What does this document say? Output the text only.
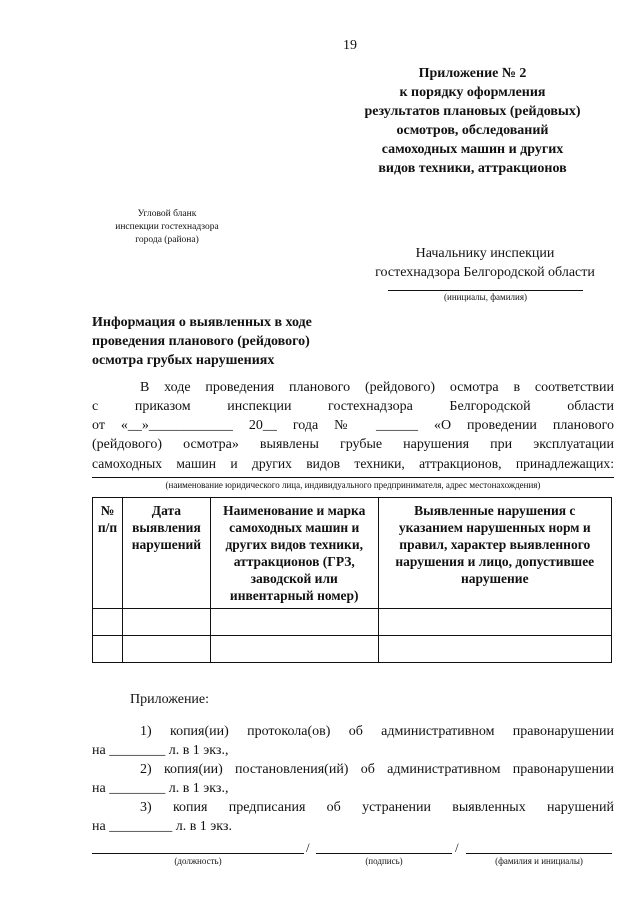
19
Приложение № 2
к порядку оформления
результатов плановых (рейдовых)
осмотров, обследований
самоходных машин и других
видов техники, аттракционов
Угловой бланк
инспекции гостехнадзора
города (района)
Начальнику инспекции
гостехнадзора Белгородской области
(инициалы, фамилия)
Информация о выявленных в ходе
проведения планового (рейдового)
осмотра грубых нарушениях
В ходе проведения планового (рейдового) осмотра в соответствии
с приказом инспекции гостехнадзора Белгородской области
от «__»____________ 20__ года № ______ «О проведении планового
(рейдового) осмотра» выявлены грубые нарушения при эксплуатации
самоходных машин и других видов техники, аттракционов, принадлежащих:
(наименование юридического лица, индивидуального предпринимателя, адрес местонахождения)
№ п/п	Дата выявления нарушений	Наименование и марка самоходных машин и других видов техники, аттракционов (ГРЗ, заводской или инвентарный номер)	Выявленные нарушения с указанием нарушенных норм и правил, характер выявленного нарушения и лицо, допустившее нарушение

Приложение:
1) копия(ии) протокола(ов) об административном правонарушении
на ________ л. в 1 экз.,
2) копия(ии) постановления(ий) об административном правонарушении
на ________ л. в 1 экз.,
3) копия предписания об устранении выявленных нарушений
на _________ л. в 1 экз.
/	/
(должность)	(подпись)	(фамилия и инициалы)
